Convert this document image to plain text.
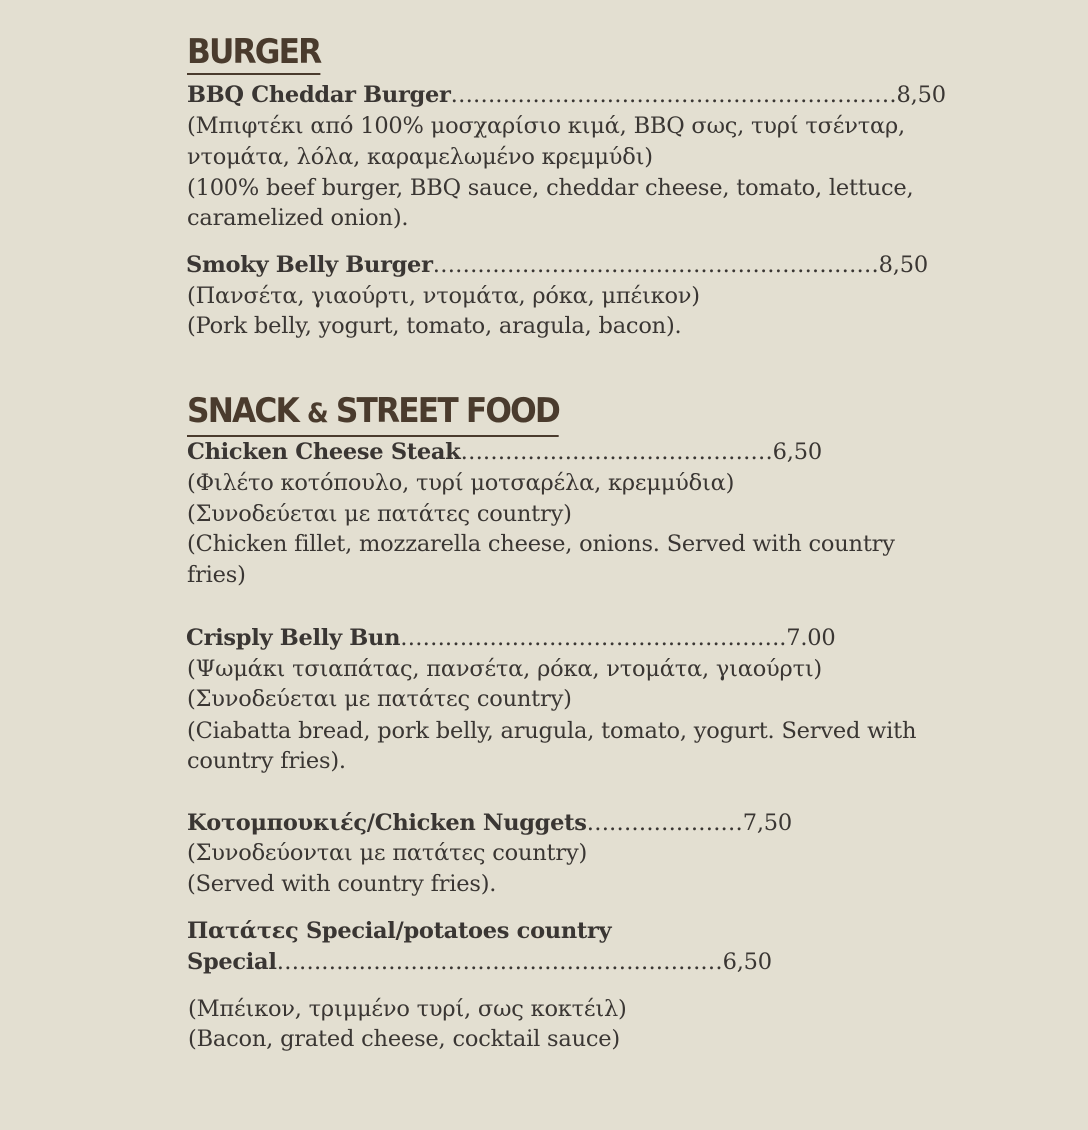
BURGER
BBQ Cheddar Burger……………………………………………………8,50
(Μπιφτέκι από 100% μοσχαρίσιο κιμά, BBQ σως, τυρί τσένταρ,
ντομάτα, λόλα, καραμελωμένο κρεμμύδι)
(100% beef burger, BBQ sauce, cheddar cheese, tomato, lettuce,
caramelized onion).
Smoky Belly Burger……………………………………………………8,50
(Πανσέτα, γιαούρτι, ντομάτα, ρόκα, μπέικον)
(Pork belly, yogurt, tomato, aragula, bacon).
SNACK & STREET FOOD
Chicken Cheese Steak……………………………………6,50
(Φιλέτο κοτόπουλο, τυρί μοτσαρέλα, κρεμμύδια)
(Συνοδεύεται με πατάτες country)
(Chicken fillet, mozzarella cheese, onions. Served with country
fries)
Crisply Belly Bun…………………………………………….7.00
(Ψωμάκι τσιαπάτας, πανσέτα, ρόκα, ντομάτα, γιαούρτι)
(Συνοδεύεται με πατάτες country)
(Ciabatta bread, pork belly, arugula, tomato, yogurt. Served with
country fries).
Κοτομπουκιές/Chicken Nuggets…………………7,50
(Συνοδεύονται με πατάτες country)
(Served with country fries).
Πατάτες Special/potatoes country
Special……………………………………………………6,50
(Μπέικον, τριμμένο τυρί, σως κοκτέιλ)
(Bacon, grated cheese, cocktail sauce)
